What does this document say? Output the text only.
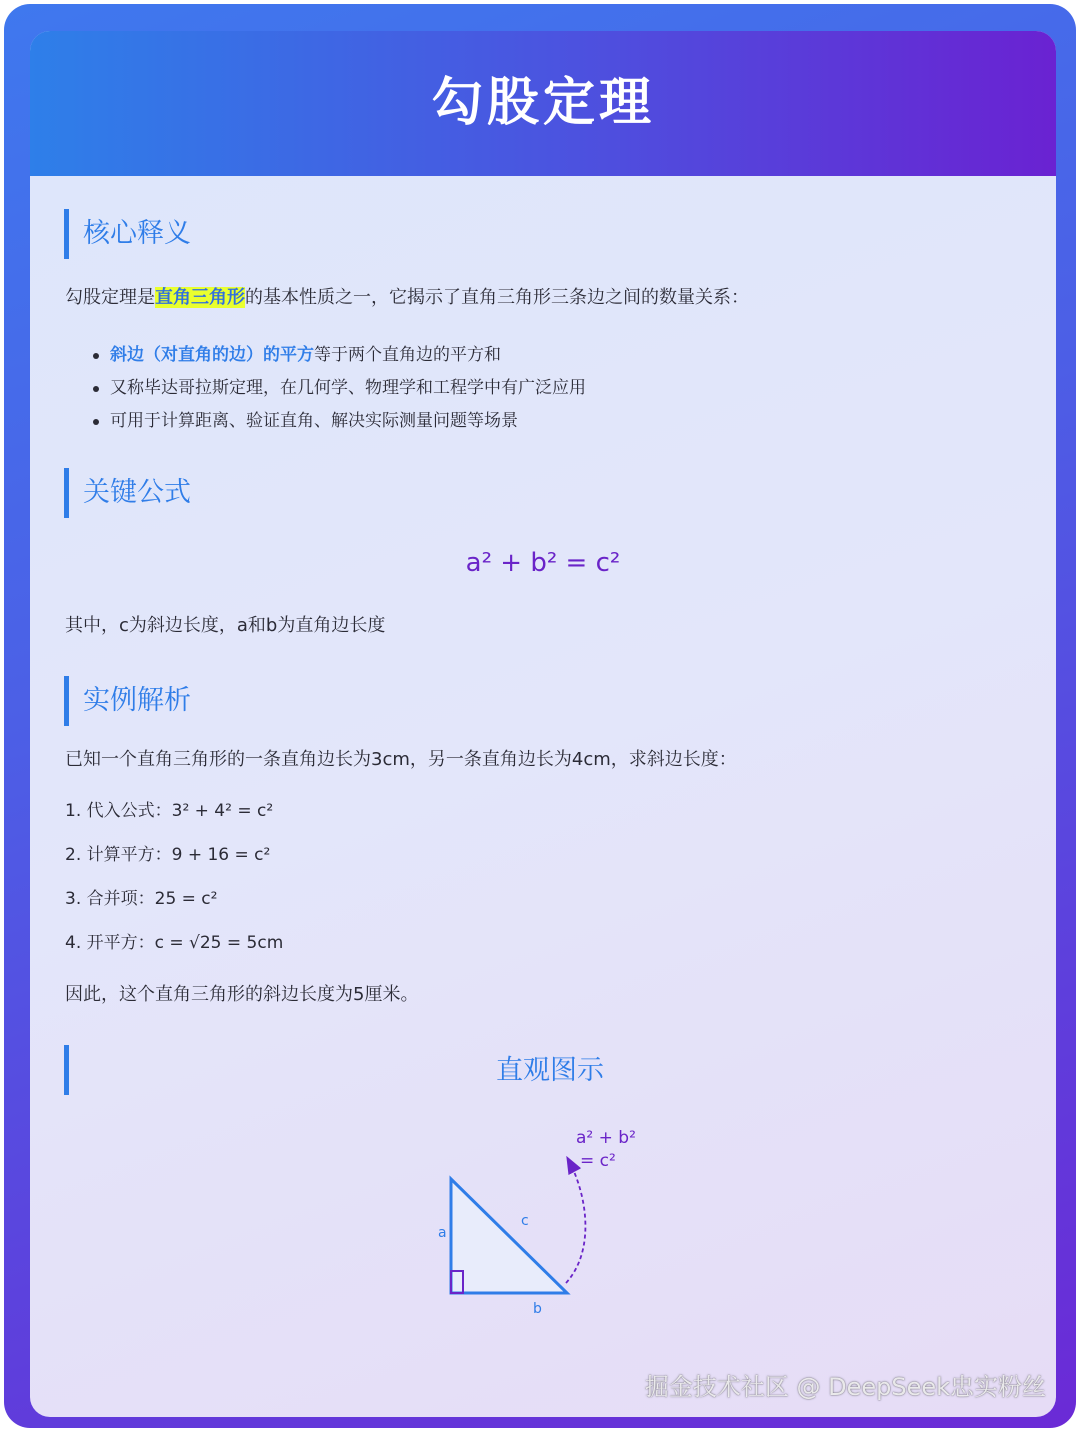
勾股定理
核心释义
勾股定理是直角三角形的基本性质之一，它揭示了直角三角形三条边之间的数量关系：
斜边（对直角的边）的平方等于两个直角边的平方和
又称毕达哥拉斯定理，在几何学、物理学和工程学中有广泛应用
可用于计算距离、验证直角、解决实际测量问题等场景
关键公式
a² + b² = c²
其中，c为斜边长度，a和b为直角边长度
实例解析
已知一个直角三角形的一条直角边长为3cm，另一条直角边长为4cm，求斜边长度：
1. 代入公式：3² + 4² = c²
2. 计算平方：9 + 16 = c²
3. 合并项：25 = c²
4. 开平方：c = √25 = 5cm
因此，这个直角三角形的斜边长度为5厘米。
直观图示
a
b
c
a² + b²
= c²
掘金技术社区 @ DeepSeek忠实粉丝
